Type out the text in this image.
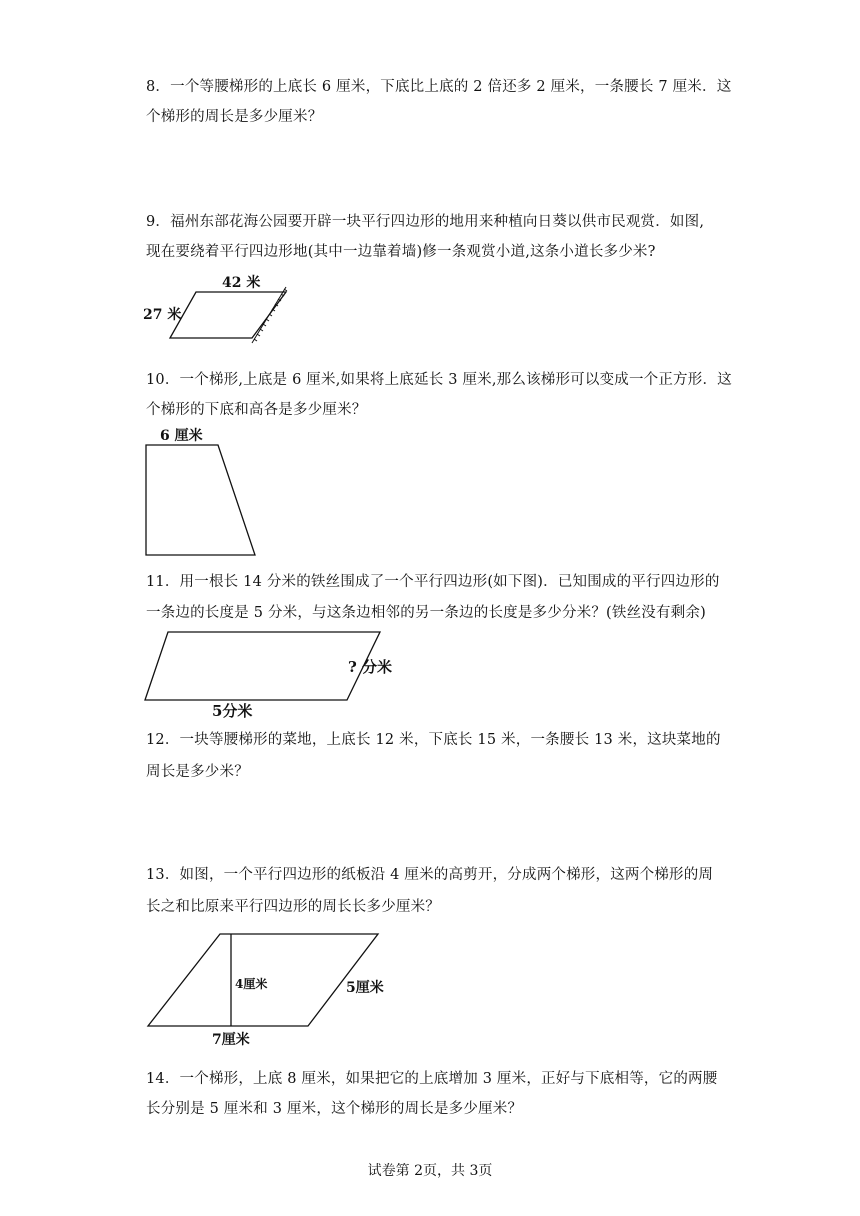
8．一个等腰梯形的上底长 6 厘米，下底比上底的 2 倍还多 2 厘米，一条腰长 7 厘米．这
个梯形的周长是多少厘米？
9．福州东部花海公园要开辟一块平行四边形的地用来种植向日葵以供市民观赏．如图,
现在要绕着平行四边形地(其中一边靠着墙)修一条观赏小道,这条小道长多少米?
42 米
27 米
10．一个梯形,上底是 6 厘米,如果将上底延长 3 厘米,那么该梯形可以变成一个正方形．这
个梯形的下底和高各是多少厘米？
6 厘米
11．用一根长 14 分米的铁丝围成了一个平行四边形(如下图)．已知围成的平行四边形的
一条边的长度是 5 分米，与这条边相邻的另一条边的长度是多少分米？(铁丝没有剩余)
? 分米
5分米
12．一块等腰梯形的菜地，上底长 12 米，下底长 15 米，一条腰长 13 米，这块菜地的
周长是多少米？
13．如图，一个平行四边形的纸板沿 4 厘米的高剪开，分成两个梯形，这两个梯形的周
长之和比原来平行四边形的周长长多少厘米？
4厘米	5厘米
7厘米
14．一个梯形，上底 8 厘米，如果把它的上底增加 3 厘米，正好与下底相等，它的两腰
长分别是 5 厘米和 3 厘米，这个梯形的周长是多少厘米？
试卷第 2页，共 3页
